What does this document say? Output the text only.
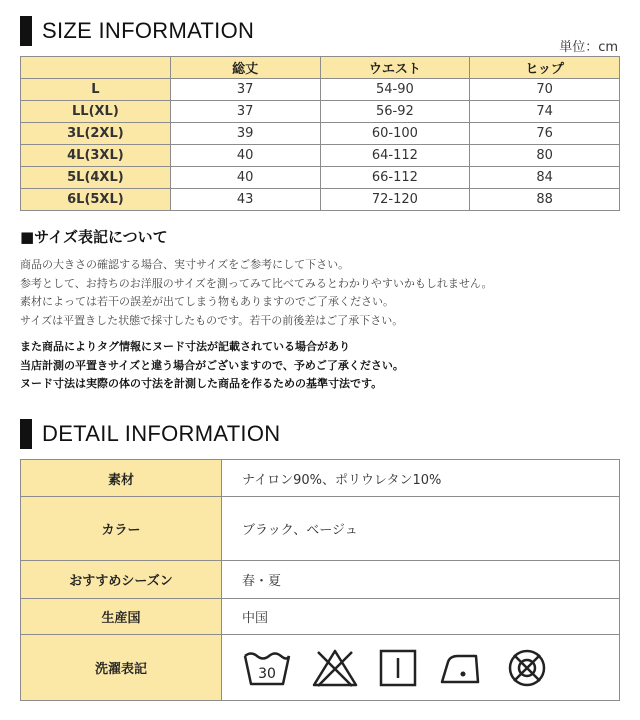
SIZE INFORMATION
単位：cm
	総丈	ウエスト	ヒップ
L	37	54-90	70
LL(XL)	37	56-92	74
3L(2XL)	39	60-100	76
4L(3XL)	40	64-112	80
5L(4XL)	40	66-112	84
6L(5XL)	43	72-120	88
■サイズ表記について
商品の大きさの確認する場合、実寸サイズをご参考にして下さい。
参考として、お持ちのお洋服のサイズを測ってみて比べてみるとわかりやすいかもしれません。
素材によっては若干の誤差が出てしまう物もありますのでご了承ください。
サイズは平置きした状態で採寸したものです。若干の前後差はご了承下さい。
また商品によりタグ情報にヌード寸法が記載されている場合があり
当店計測の平置きサイズと違う場合がございますので、予めご了承ください。
ヌード寸法は実際の体の寸法を計測した商品を作るための基準寸法です。
DETAIL INFORMATION
素材	ナイロン90%、ポリウレタン10%
カラー	ブラック、ベージュ
おすすめシーズン	春・夏
生産国	中国
洗濯表記	30
